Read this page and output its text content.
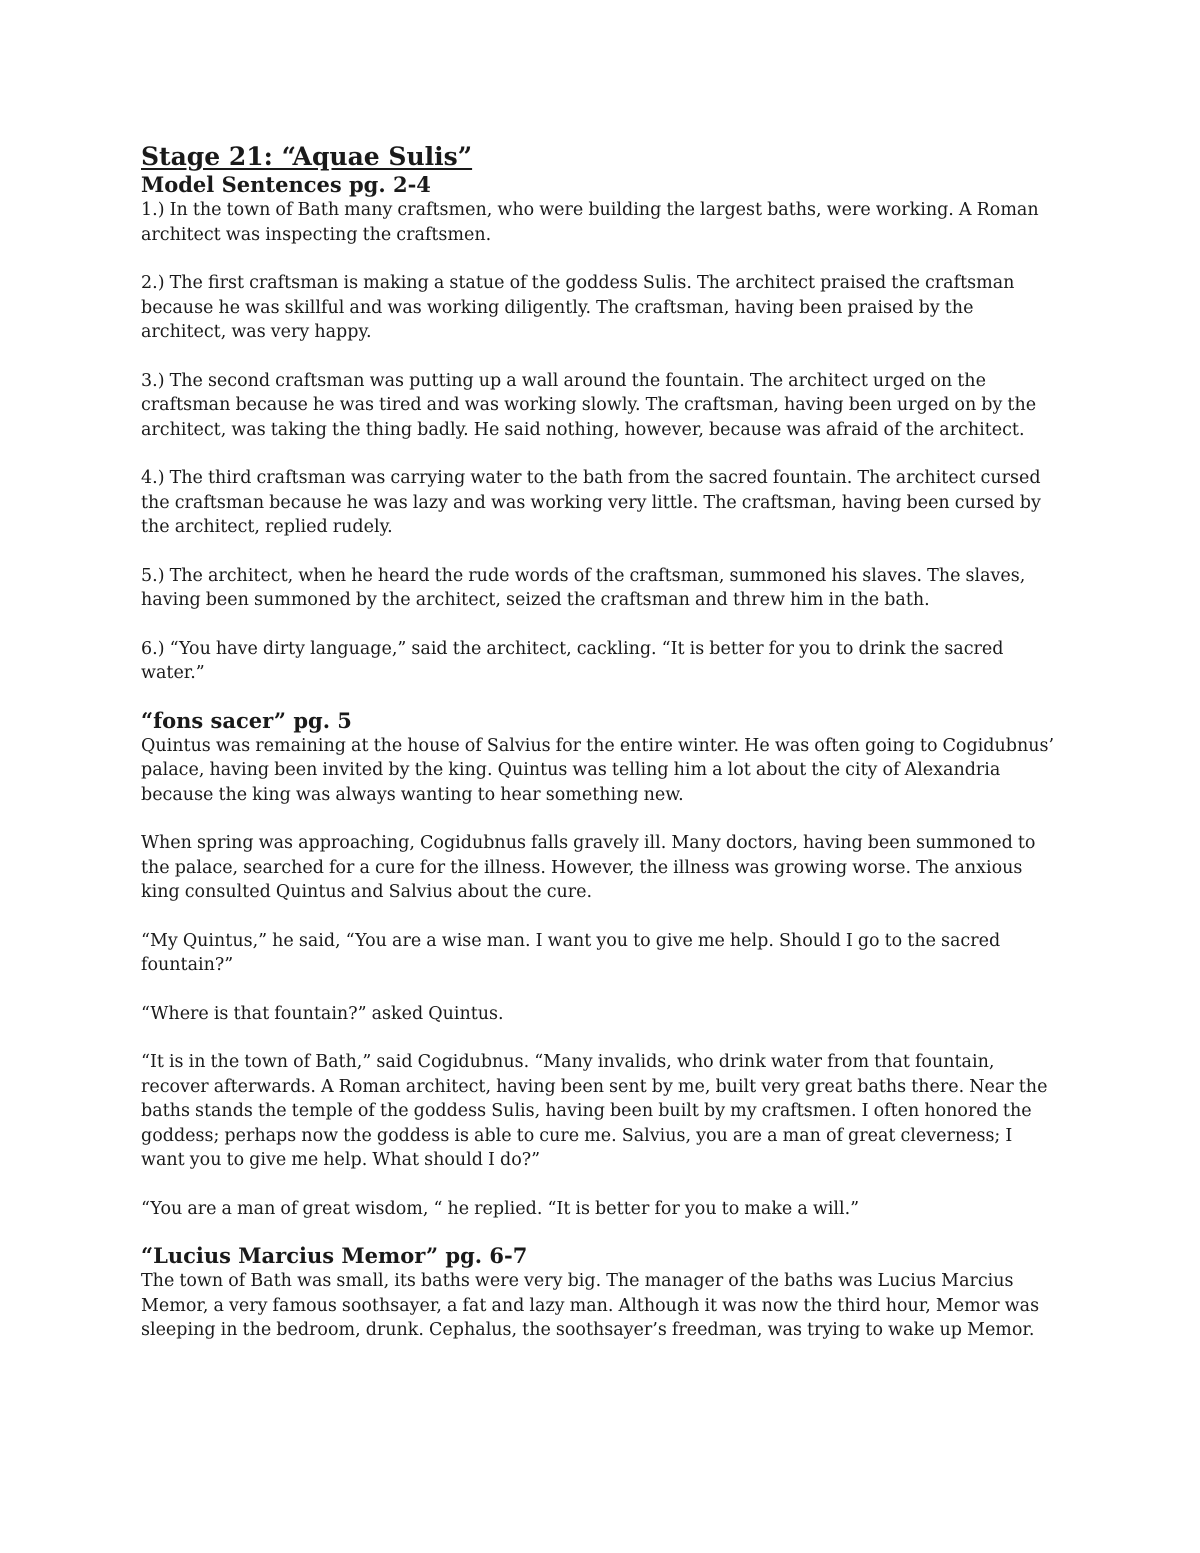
Stage 21: “Aquae Sulis”
Model Sentences pg. 2-4

1.) In the town of Bath many craftsmen, who were building the largest baths, were working. A Roman architect was inspecting the craftsmen.

2.) The first craftsman is making a statue of the goddess Sulis. The architect praised the craftsman because he was skillful and was working diligently. The craftsman, having been praised by the architect, was very happy.

3.) The second craftsman was putting up a wall around the fountain. The architect urged on the craftsman because he was tired and was working slowly. The craftsman, having been urged on by the architect, was taking the thing badly. He said nothing, however, because was afraid of the architect.

4.) The third craftsman was carrying water to the bath from the sacred fountain. The architect cursed the craftsman because he was lazy and was working very little. The craftsman, having been cursed by the architect, replied rudely.

5.) The architect, when he heard the rude words of the craftsman, summoned his slaves. The slaves, having been summoned by the architect, seized the craftsman and threw him in the bath.

6.) “You have dirty language,” said the architect, cackling. “It is better for you to drink the sacred water.”

“fons sacer” pg. 5

Quintus was remaining at the house of Salvius for the entire winter. He was often going to Cogidubnus’ palace, having been invited by the king. Quintus was telling him a lot about the city of Alexandria because the king was always wanting to hear something new.

When spring was approaching, Cogidubnus falls gravely ill. Many doctors, having been summoned to the palace, searched for a cure for the illness. However, the illness was growing worse. The anxious king consulted Quintus and Salvius about the cure.

“My Quintus,” he said, “You are a wise man. I want you to give me help. Should I go to the sacred fountain?”

“Where is that fountain?” asked Quintus.

“It is in the town of Bath,” said Cogidubnus. “Many invalids, who drink water from that fountain, recover afterwards. A Roman architect, having been sent by me, built very great baths there. Near the baths stands the temple of the goddess Sulis, having been built by my craftsmen. I often honored the goddess; perhaps now the goddess is able to cure me. Salvius, you are a man of great cleverness; I want you to give me help. What should I do?”

“You are a man of great wisdom, “ he replied. “It is better for you to make a will.”

“Lucius Marcius Memor” pg. 6-7

The town of Bath was small, its baths were very big. The manager of the baths was Lucius Marcius Memor, a very famous soothsayer, a fat and lazy man. Although it was now the third hour, Memor was sleeping in the bedroom, drunk. Cephalus, the soothsayer’s freedman, was trying to wake up Memor.
